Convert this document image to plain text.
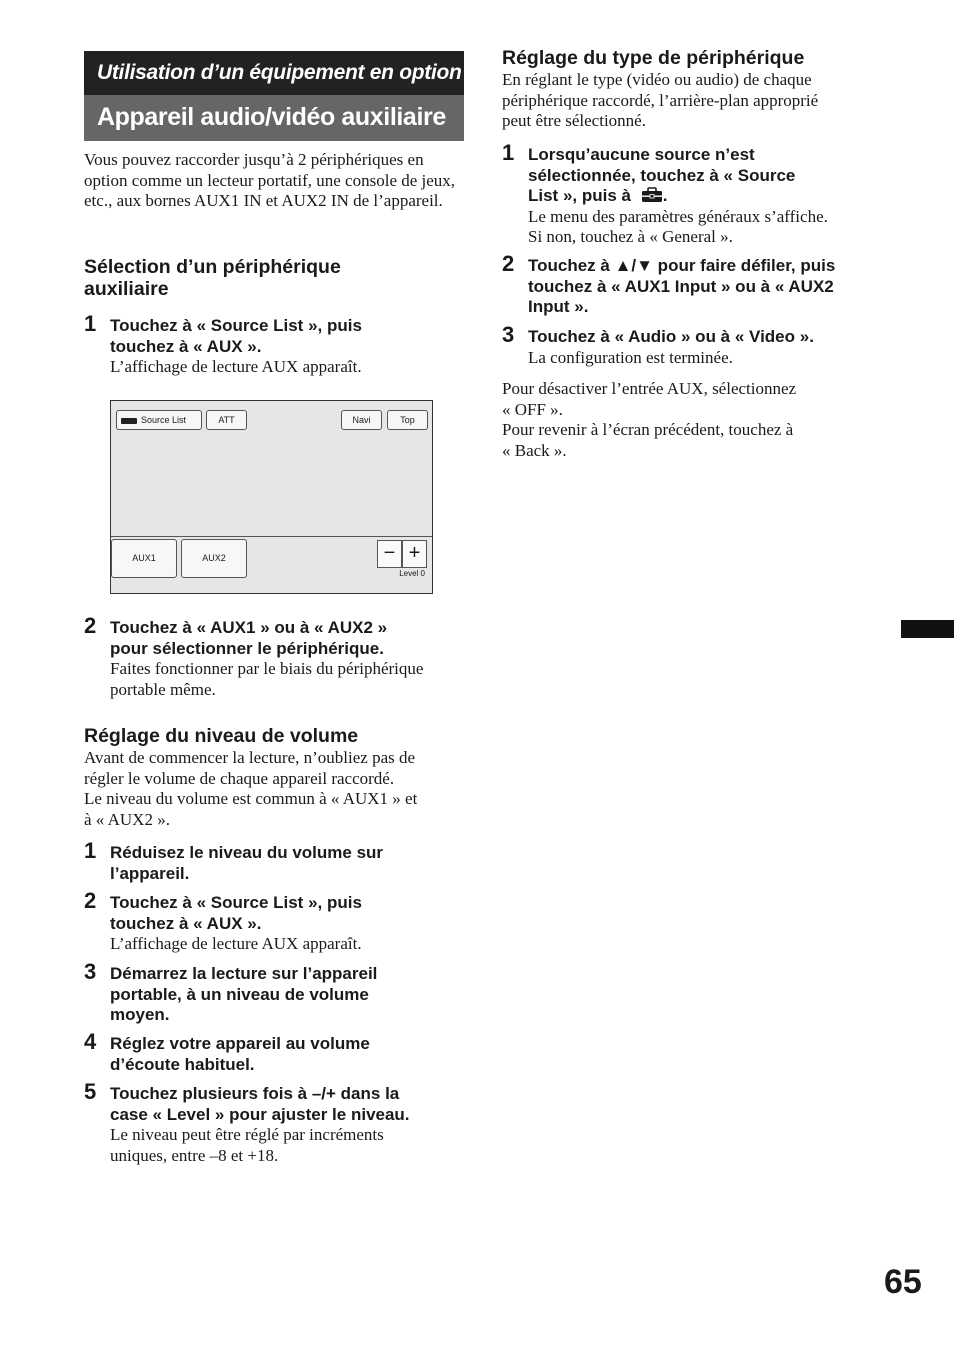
Utilisation d’un équipement en option
Appareil audio/vidéo auxiliaire
Vous pouvez raccorder jusqu’à 2 périphériques en option comme un lecteur portatif, une console de jeux, etc., aux bornes AUX1 IN et AUX2 IN de l’appareil.
Sélection d’un périphérique
auxiliaire
1 Touchez à « Source List », puis
touchez à « AUX ».
L’affichage de lecture AUX apparaît.
Source List	ATT	Navi	Top
AUX1	AUX2	− +
Level 0
2 Touchez à « AUX1 » ou à « AUX2 »
pour sélectionner le périphérique.
Faites fonctionner par le biais du périphérique
portable même.
Réglage du niveau de volume
Avant de commencer la lecture, n’oubliez pas de
régler le volume de chaque appareil raccordé.
Le niveau du volume est commun à « AUX1 » et
à « AUX2 ».
1 Réduisez le niveau du volume sur
l’appareil.
2 Touchez à « Source List », puis
touchez à « AUX ».
L’affichage de lecture AUX apparaît.
3 Démarrez la lecture sur l’appareil
portable, à un niveau de volume
moyen.
4 Réglez votre appareil au volume
d’écoute habituel.
5 Touchez plusieurs fois à –/+ dans la
case « Level » pour ajuster le niveau.
Le niveau peut être réglé par incréments
uniques, entre –8 et +18.
Réglage du type de périphérique
En réglant le type (vidéo ou audio) de chaque
périphérique raccordé, l’arrière-plan approprié
peut être sélectionné.
1 Lorsqu’aucune source n’est
sélectionnée, touchez à « Source
List », puis à .
Le menu des paramètres généraux s’affiche.
Si non, touchez à « General ».
2 Touchez à ▲/▼ pour faire défiler, puis
touchez à « AUX1 Input » ou à « AUX2
Input ».
3 Touchez à « Audio » ou à « Video ».
La configuration est terminée.
Pour désactiver l’entrée AUX, sélectionnez
« OFF ».
Pour revenir à l’écran précédent, touchez à
« Back ».
65
